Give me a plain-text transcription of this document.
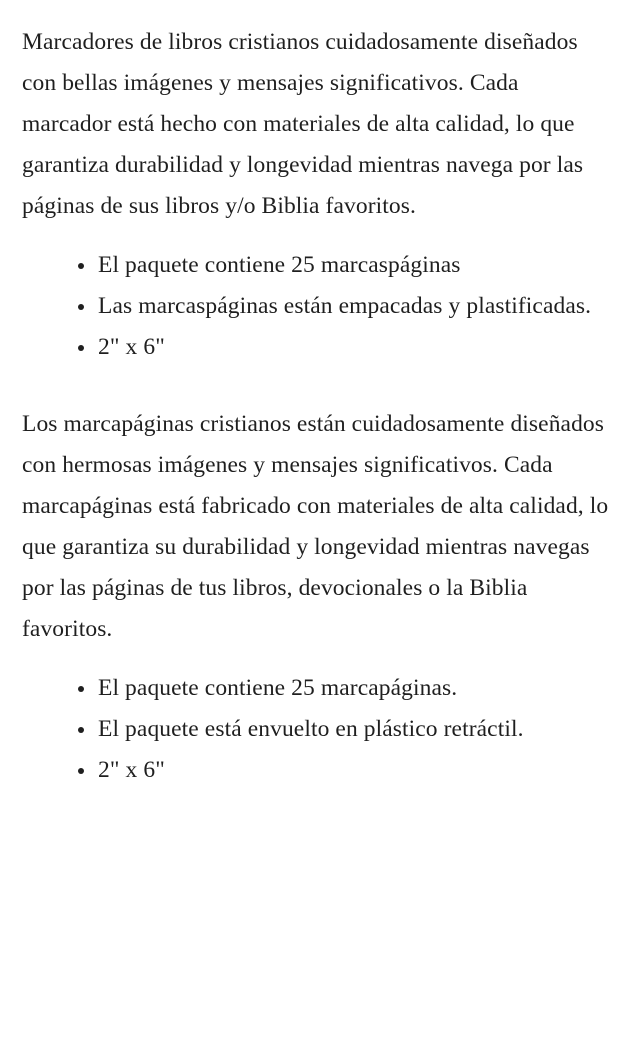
Marcadores de libros cristianos cuidadosamente diseñados con bellas imágenes y mensajes significativos. Cada marcador está hecho con materiales de alta calidad, lo que garantiza durabilidad y longevidad mientras navega por las páginas de sus libros y/o Biblia favoritos.

El paquete contiene 25 marcaspáginas
Las marcaspáginas están empacadas y plastificadas.
2" x 6"

Los marcapáginas cristianos están cuidadosamente diseñados con hermosas imágenes y mensajes significativos. Cada marcapáginas está fabricado con materiales de alta calidad, lo que garantiza su durabilidad y longevidad mientras navegas por las páginas de tus libros, devocionales o la Biblia favoritos.

El paquete contiene 25 marcapáginas.
El paquete está envuelto en plástico retráctil.
2" x 6"
